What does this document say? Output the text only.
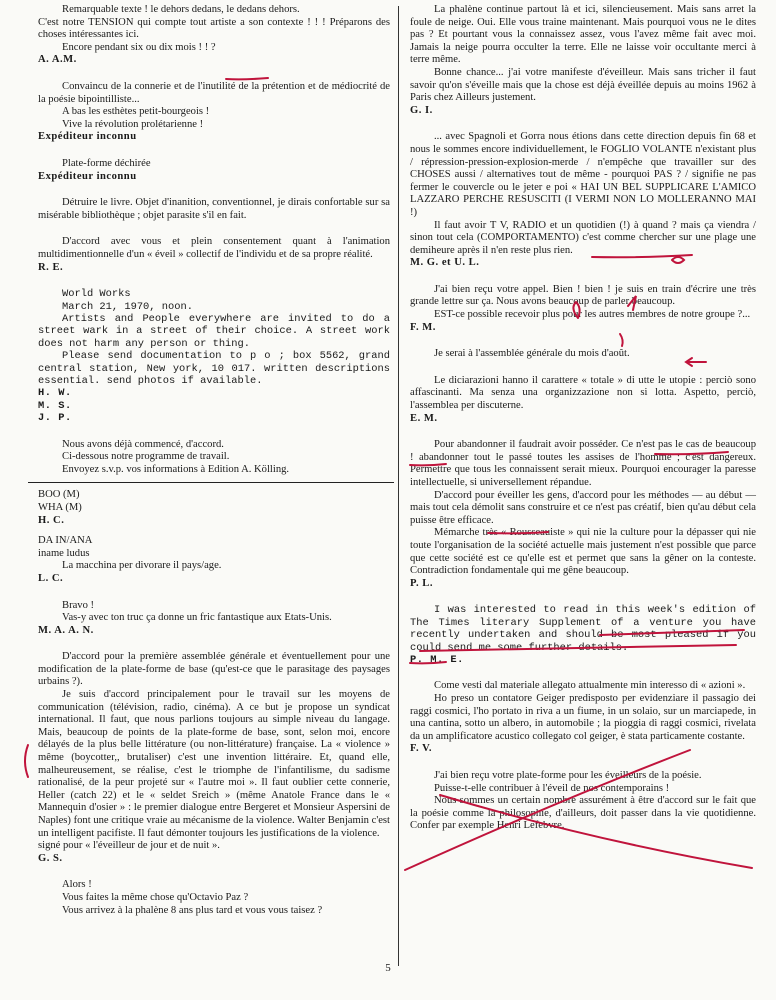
Remarquable texte ! le dehors dedans, le dedans dehors.

C'est notre TENSION qui compte tout artiste a son contexte ! ! ! Préparons des choses intéressantes ici.

Encore pendant six ou dix mois ! ! ?

A. A.M.

Convaincu de la connerie et de l'inutilité de la prétention et de médiocrité de la poésie bipointilliste...

A bas les esthètes petit-bourgeois !

Vive la révolution prolétarienne !

Expéditeur inconnu

Plate-forme déchirée

Expéditeur inconnu

Détruire le livre. Objet d'inanition, conventionnel, je dirais confortable sur sa misérable bibliothèque ; objet parasite s'il en fait.

D'accord avec vous et plein consentement quant à l'animation multidimentionnelle d'un « éveil » collectif de l'individu et de sa propre réalité.

R. E.

World Works

March 21, 1970, noon.

Artists and People everywhere are invited to do a street wark in a street of their choice. A street work does not harm any person or thing.

Please send documentation to p o ; box 5562, grand central station, New york, 10 017. written descriptions essential. send photos if available.

H. W.

M. S.

J. P.

Nous avons déjà commencé, d'accord.

Ci-dessous notre programme de travail.

Envoyez s.v.p. vos informations à Edition A. Kölling.

BOO (M)

WHA (M)

H. C.

DA IN/ANA

iname ludus

La macchina per divorare il pays/age.

L. C.

Bravo !

Vas-y avec ton truc ça donne un fric fantastique aux Etats-Unis.

M. A. A. N.

D'accord pour la première assemblée générale et éventuellement pour une modification de la plate-forme de base (qu'est-ce que le parasitage des paysages urbains ?).

Je suis d'accord principalement pour le travail sur les moyens de communication (télévision, radio, cinéma). A ce but je propose un syndicat international. Il faut, que nous parlions toujours au simple niveau du langage. Mais, beaucoup de points de la plate-forme de base, sont, selon moi, encore délayés de la plus belle littérature (ou non-littérature) française. La « violence » même (boycotter,, brutaliser) c'est une invention littéraire. Et, quand elle, malheureusement, se réalise, c'est le triomphe de l'infantilisme, du sadisme rationalisé, de la peur projeté sur « l'autre moi ». Il faut oublier cette connerie, Heller (catch 22) et le « seldet Sreich » (même Anatole France dans le « Mannequin d'osier » : le premier dialogue entre Bergeret et Monsieur Aspersini de Naples) font une critique vraie au mécanisme de la violence. Walter Benjamin c'est un intelligent pacifiste. Il faut démonter toujours les justifications de la violence.

signé pour « l'éveilleur de jour et de nuit ».

G. S.

Alors !

Vous faites la même chose qu'Octavio Paz ?

Vous arrivez à la phalène 8 ans plus tard et vous vous taisez ?

La phalène continue partout là et ici, silencieusement. Mais sans arret la foule de neige. Oui. Elle vous traine maintenant. Mais pourquoi vous ne le dites pas ? Et pourtant vous la connaissez assez, vous l'avez même fait avec moi. Jamais la neige pourra occulter la terre. Elle ne laisse voir occultante merci à terre même.

Bonne chance... j'ai votre manifeste d'éveilleur. Mais sans tricher il faut savoir qu'on s'éveille mais que la chose est déjà éveillée depuis au moins 1962 à Paris chez Ailleurs justement.

G. I.

... avec Spagnoli et Gorra nous étions dans cette direction depuis fin 68 et nous le sommes encore individuellement, le FOGLIO VOLANTE n'existant plus / répression-pression-explosion-merde / n'empêche que travailler sur des CHOSES aussi / alternatives tout de même - pourquoi PAS ? / signifie ne pas fermer le couvercle ou le jeter e poi « HAI UN BEL SUPPLICARE L'AMICO LAZZARO PERCHE RESUSCITI (I VERMI NON LO MOLLERANNO MAI !)

Il faut avoir T V, RADIO et un quotidien (!) à quand ? mais ça viendra / sinon tout cela (COMPORTAMENTO) c'est comme chercher sur une plage une demiheure après il n'en reste plus rien.

M. G. et U. L.

J'ai bien reçu votre appel. Bien ! bien ! je suis en train d'écrire une très grande lettre sur ça. Nous avons beaucoup de parler beaucoup.

EST-ce possible recevoir plus pour les autres membres de notre groupe ?...

F. M.

Je serai à l'assemblée générale du mois d'août.

Le diciarazioni hanno il carattere « totale » di utte le utopie : perciò sono affascinanti. Ma senza una organizzazione non si lotta. Aspetto, perciò, l'assemblea per discuterne.

E. M.

Pour abandonner il faudrait avoir posséder. Ce n'est pas le cas de beaucoup ! abandonner tout le passé toutes les assises de l'homme ; c'est dangereux. Permettre que tous les connaissent serait mieux. Pourquoi encourager la paresse intellectuelle, si universellement répandue.

D'accord pour éveiller les gens, d'accord pour les méthodes — au début — mais tout cela démolit sans construire et ce n'est pas créatif, bien qu'au début cela puisse être efficace.

Mémarche très « Rousseauiste » qui nie la culture pour la dépasser qui nie toute l'organisation de la société actuelle mais justement n'est possible que parce que cette société est ce qu'elle est et permet que sans la gêner on la conteste. Contradiction fondamentale qui me gêne beaucoup.

P. L.

I was interested to read in this week's edition of The Times literary Supplement of a venture you have recently undertaken and should be most pleased if you could send me some further details.

P. M. E.

Come vesti dal materiale allegato attualmente min interesso di « azioni ».

Ho preso un contatore Geiger predisposto per evidenziare il passagio dei raggi cosmici, l'ho portato in riva a un fiume, in un solaio, sur un marciapede, in una cantina, sotto un albero, in automobile ; la pioggia di raggi cosmici, rivelata da un amplificatore acustico collegato col geiger, è stata particamente costante.

F. V.

J'ai bien reçu votre plate-forme pour les éveilleurs de la poésie.

Puisse-t-elle contribuer à l'éveil de nos contemporains !

Nous sommes un certain nombre assurément à être d'accord sur le fait que la poésie comme la philosophie, d'ailleurs, doit passer dans la vie quotidienne. Confer par exemple Henri Lefebvre.

5
